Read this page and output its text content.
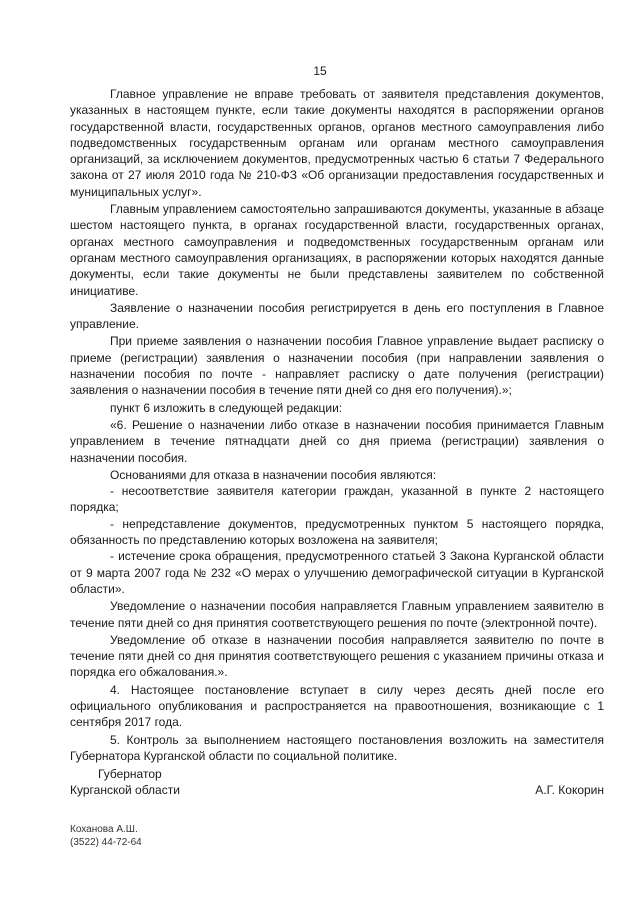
15

Главное управление не вправе требовать от заявителя представления документов, указанных в настоящем пункте, если такие документы находятся в распоряжении органов государственной власти, государственных органов, органов местного самоуправления либо подведомственных государственным органам или органам местного самоуправления организаций, за исключением документов, предусмотренных частью 6 статьи 7 Федерального закона от 27 июля 2010 года № 210-ФЗ «Об организации предоставления государственных и муниципальных услуг».

Главным управлением самостоятельно запрашиваются документы, указанные в абзаце шестом настоящего пункта, в органах государственной власти, государственных органах, органах местного самоуправления и подведомственных государственным органам или органам местного самоуправления организациях, в распоряжении которых находятся данные документы, если такие документы не были представлены заявителем по собственной инициативе.

Заявление о назначении пособия регистрируется в день его поступления в Главное управление.

При приеме заявления о назначении пособия Главное управление выдает расписку о приеме (регистрации) заявления о назначении пособия (при направлении заявления о назначении пособия по почте - направляет расписку о дате получения (регистрации) заявления о назначении пособия в течение пяти дней со дня его получения).»;

пункт 6 изложить в следующей редакции:

«6. Решение о назначении либо отказе в назначении пособия принимается Главным управлением в течение пятнадцати дней со дня приема (регистрации) заявления о назначении пособия.

Основаниями для отказа в назначении пособия являются:

- несоответствие заявителя категории граждан, указанной в пункте 2 настоящего порядка;

- непредставление документов, предусмотренных пунктом 5 настоящего порядка, обязанность по представлению которых возложена на заявителя;

- истечение срока обращения, предусмотренного статьей 3 Закона Курганской области от 9 марта 2007 года № 232 «О мерах о улучшению демографической ситуации в Курганской области».

Уведомление о назначении пособия направляется Главным управлением заявителю в течение пяти дней со дня принятия соответствующего решения по почте (электронной почте).

Уведомление об отказе в назначении пособия направляется заявителю по почте в течение пяти дней со дня принятия соответствующего решения с указанием причины отказа и порядка его обжалования.».

4. Настоящее постановление вступает в силу через десять дней после его официального опубликования и распространяется на правоотношения, возникающие с 1 сентября 2017 года.

5. Контроль за выполнением настоящего постановления возложить на заместителя Губернатора Курганской области по социальной политике.

Губернатор
Курганской области	А.Г. Кокорин
Коханова А.Ш.
(3522) 44-72-64
